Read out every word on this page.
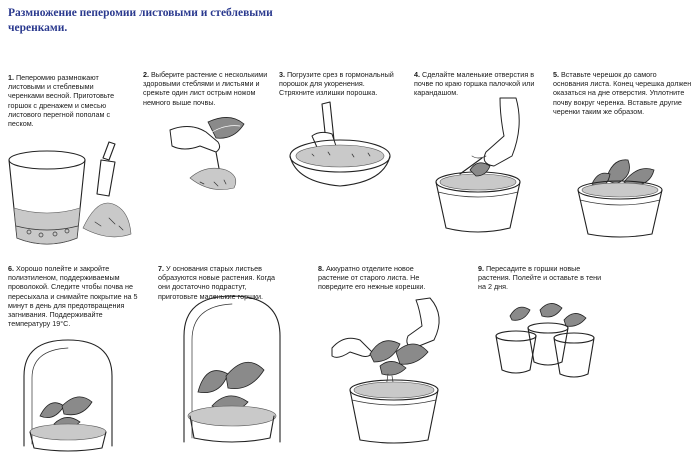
Размножение пеперомии листовыми и стеблевыми черенками.
1. Пеперомию размножают листовыми и стеблевыми черенками весной. Приготовьте горшок с дренажем и смесью листового перегной пополам с песком.
2. Выберите растение с несколькими здоровыми стеблями и листьями и срежьте один лист острым ножом немного выше почвы.
3. Погрузите срез в гормональный порошок для укоренения. Стряхните излишки порошка.
4. Сделайте маленькие отверстия в почве по краю горшка палочкой или карандашом.
5. Вставьте черешок до самого основания листа. Конец черешка должен оказаться на дне отверстия. Уплотните почву вокруг черенка. Вставьте другие черенки таким же образом.
6. Хорошо полейте и закройте полиэтиленом, поддерживаемым проволокой. Следите чтобы почва не пересыхала и снимайте покрытие на 5 минут в день для предотвращения загнивания. Поддерживайте температуру 19°С.
7. У основания старых листьев образуются новые растения. Когда они достаточно подрастут, приготовьте маленькие горшки.
8. Аккуратно отделите новое растение от старого листа. Не повредите его нежные корешки.
9. Пересадите в горшки новые растения. Полейте и оставьте в тени на 2 дня.
